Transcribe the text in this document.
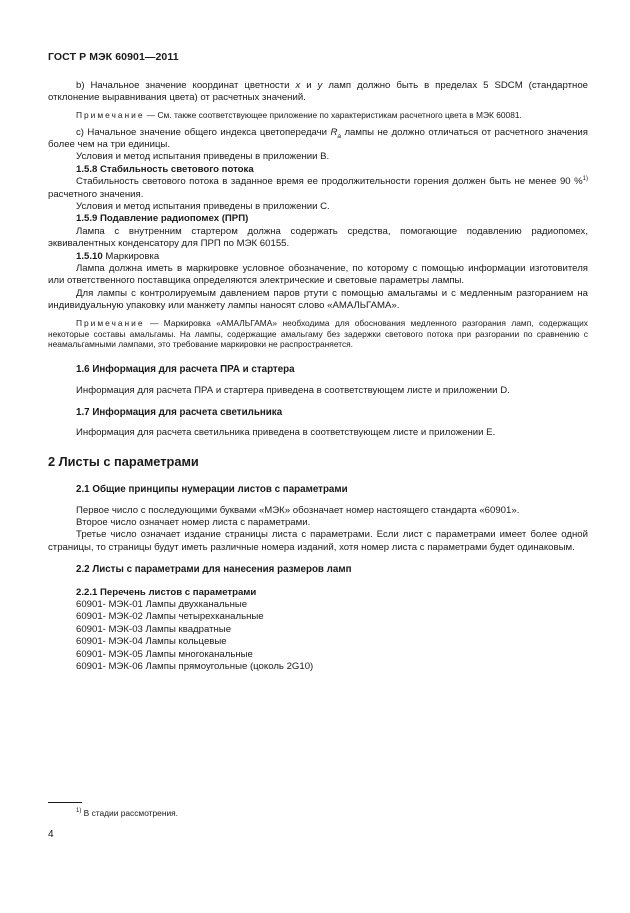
ГОСТ Р МЭК 60901—2011

b) Начальное значение координат цветности x и y ламп должно быть в пределах 5 SDCM (стандартное отклонение выравнивания цвета) от расчетных значений.

Примечание — См. также соответствующее приложение по характеристикам расчетного цвета в МЭК 60081.

c) Начальное значение общего индекса цветопередачи $R_a$ лампы не должно отличаться от расчетного значения более чем на три единицы.

Условия и метод испытания приведены в приложении B.

1.5.8 Стабильность светового потока

Стабильность светового потока в заданное время ее продолжительности горения должен быть не менее 90 %$^{1)}$ расчетного значения.

Условия и метод испытания приведены в приложении С.

1.5.9 Подавление радиопомех (ПРП)

Лампа с внутренним стартером должна содержать средства, помогающие подавлению радиопомех, эквивалентных конденсатору для ПРП по МЭК 60155.

1.5.10 Маркировка

Лампа должна иметь в маркировке условное обозначение, по которому с помощью информации изготовителя или ответственного поставщика определяются электрические и световые параметры лампы.

Для лампы с контролируемым давлением паров ртути с помощью амальгамы и с медленным разгоранием на индивидуальную упаковку или манжету лампы наносят слово «АМАЛЬГАМА».

Примечание — Маркировка «АМАЛЬГАМА» необходима для обоснования медленного разгорания ламп, содержащих некоторые составы амальгамы. На лампы, содержащие амальгаму без задержки светового потока при разгорании по сравнению с неамальгамными лампами, это требование маркировки не распространяется.

1.6 Информация для расчета ПРА и стартера

Информация для расчета ПРА и стартера приведена в соответствующем листе и приложении D.

1.7 Информация для расчета светильника

Информация для расчета светильника приведена в соответствующем листе и приложении E.

2 Листы с параметрами

2.1 Общие принципы нумерации листов с параметрами

Первое число с последующими буквами «МЭК» обозначает номер настоящего стандарта «60901».

Второе число означает номер листа с параметрами.

Третье число означает издание страницы листа с параметрами. Если лист с параметрами имеет более одной страницы, то страницы будут иметь различные номера изданий, хотя номер листа с параметрами будет одинаковым.

2.2 Листы с параметрами для нанесения размеров ламп

2.2.1 Перечень листов с параметрами

60901- МЭК-01 Лампы двухканальные

60901- МЭК-02 Лампы четырехканальные

60901- МЭК-03 Лампы квадратные

60901- МЭК-04 Лампы кольцевые

60901- МЭК-05 Лампы многоканальные

60901- МЭК-06 Лампы прямоугольные (цоколь 2G10)

$^{1)}$ В стадии рассмотрения.
4
